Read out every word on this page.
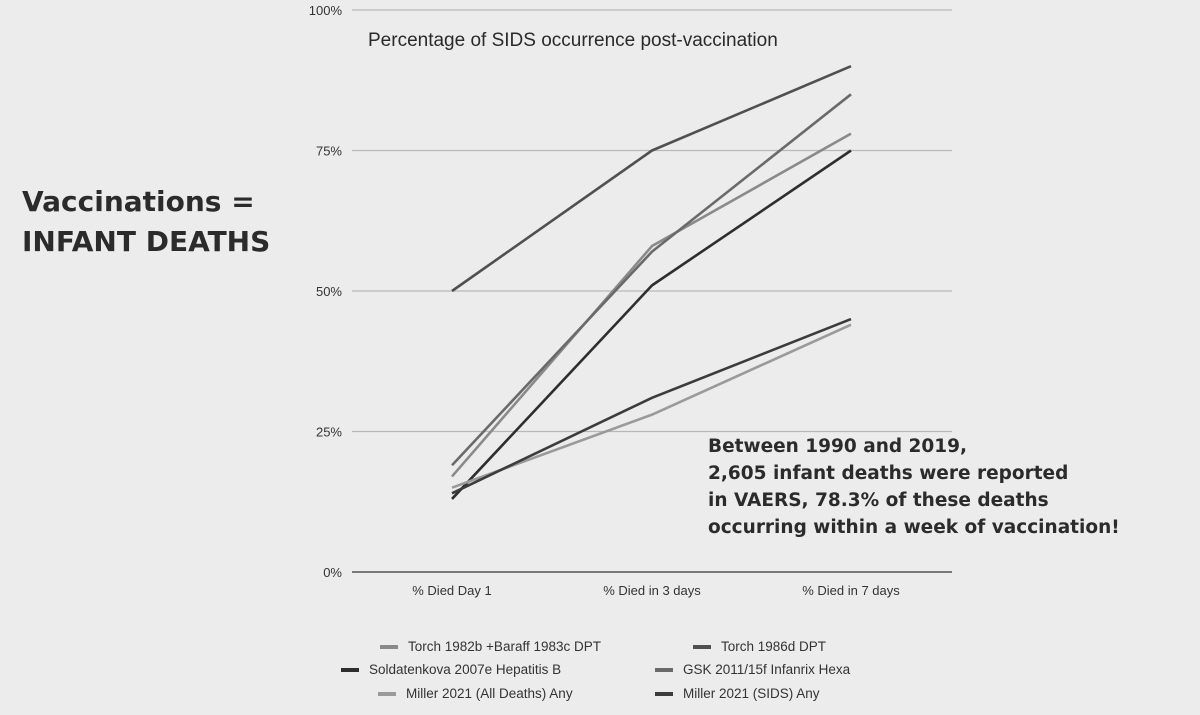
0%
25%
50%
75%
100%
% Died Day 1	% Died in 3 days	% Died in 7 days
Vaccinations =
INFANT DEATHS
Percentage of SIDS occurrence post-vaccination
Between 1990 and 2019,
2,605 infant deaths were reported
in VAERS, 78.3% of these deaths
occurring within a week of vaccination!
Torch 1982b +Baraff 1983c DPT	Torch 1986d DPT
Soldatenkova 2007e Hepatitis B	GSK 2011/15f Infanrix Hexa
Miller 2021 (All Deaths) Any	Miller 2021 (SIDS) Any
